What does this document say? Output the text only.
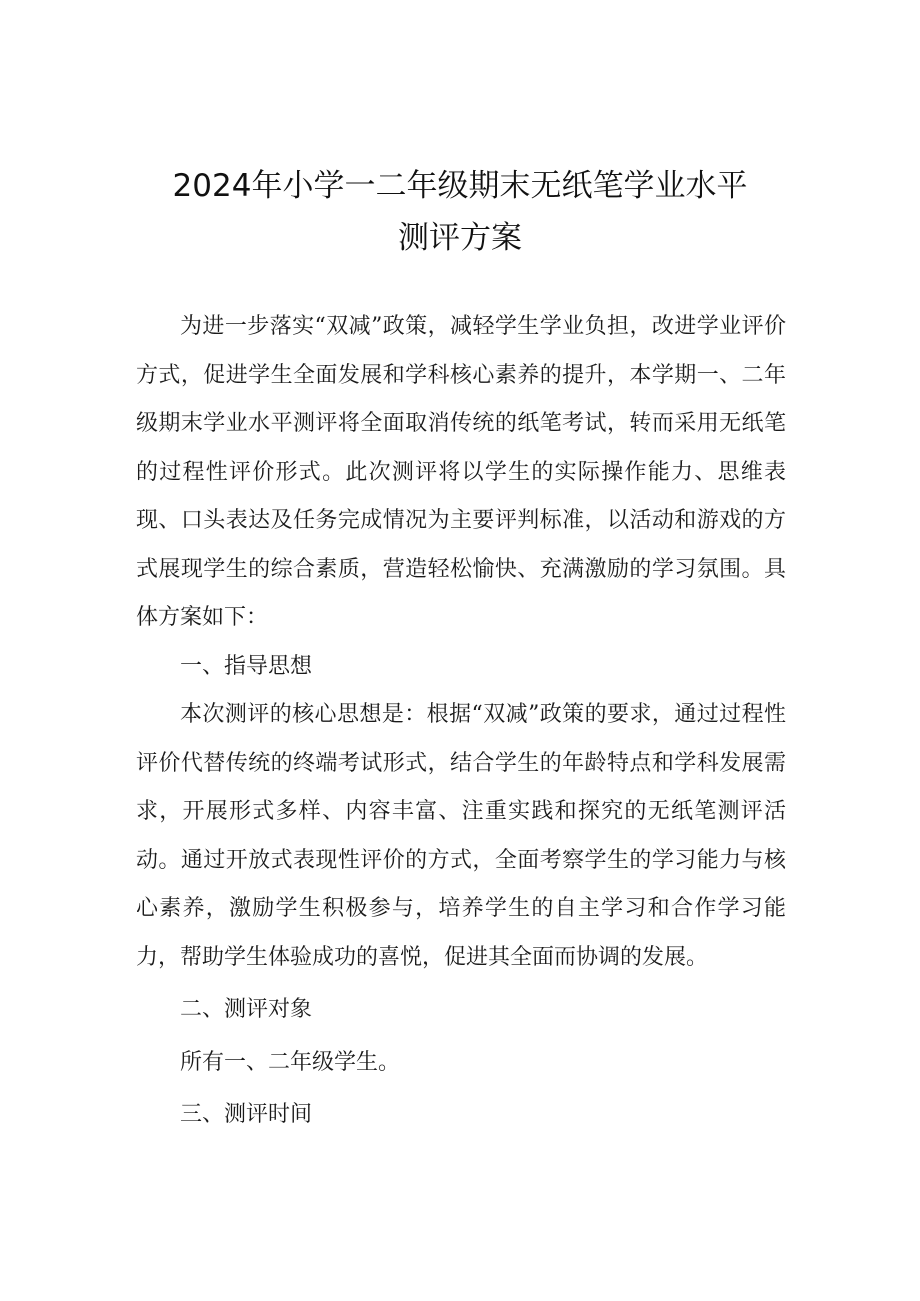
2024年小学一二年级期末无纸笔学业水平
测评方案

为进一步落实“双减”政策，减轻学生学业负担，改进学业评价方式，促进学生全面发展和学科核心素养的提升，本学期一、二年级期末学业水平测评将全面取消传统的纸笔考试，转而采用无纸笔的过程性评价形式。此次测评将以学生的实际操作能力、思维表现、口头表达及任务完成情况为主要评判标准，以活动和游戏的方式展现学生的综合素质，营造轻松愉快、充满激励的学习氛围。具体方案如下：

一、指导思想

本次测评的核心思想是：根据“双减”政策的要求，通过过程性评价代替传统的终端考试形式，结合学生的年龄特点和学科发展需求，开展形式多样、内容丰富、注重实践和探究的无纸笔测评活动。通过开放式表现性评价的方式，全面考察学生的学习能力与核心素养，激励学生积极参与，培养学生的自主学习和合作学习能力，帮助学生体验成功的喜悦，促进其全面而协调的发展。

二、测评对象

所有一、二年级学生。

三、测评时间
